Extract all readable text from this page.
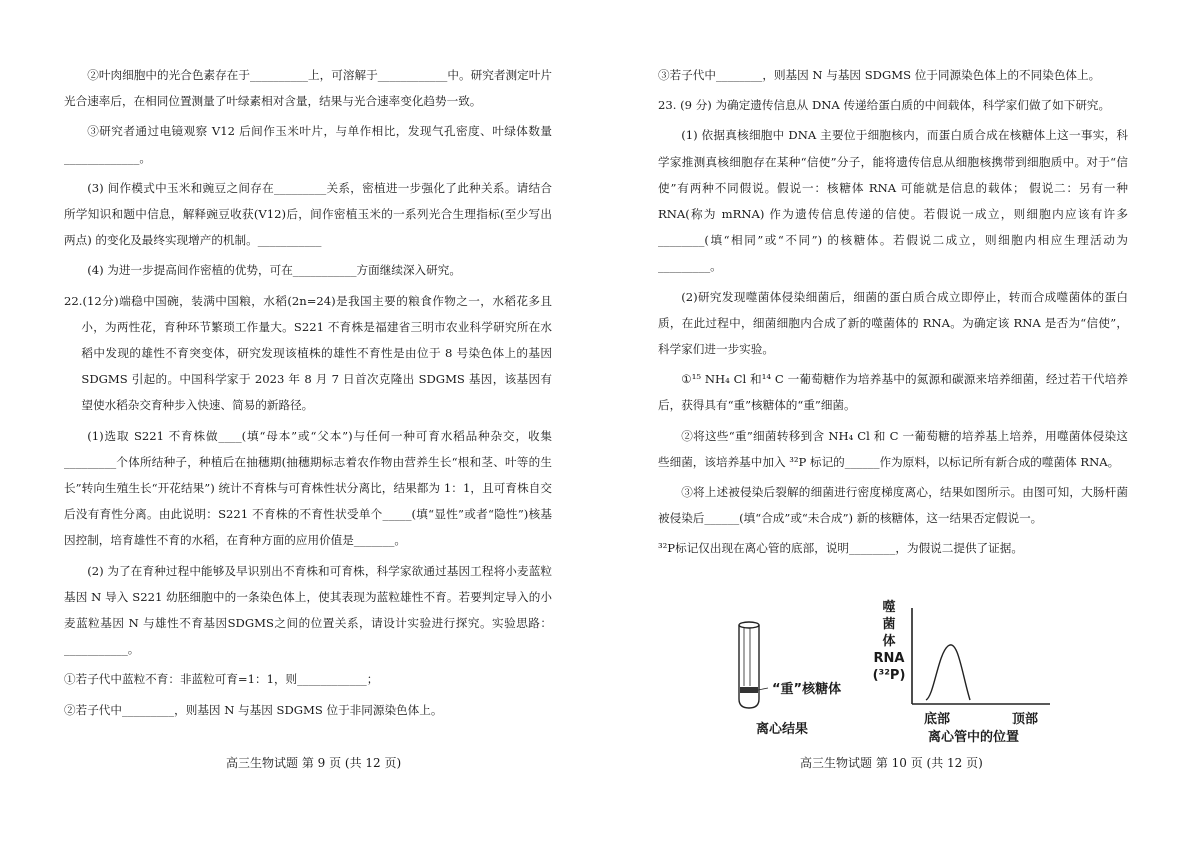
②叶肉细胞中的光合色素存在于__________上，可溶解于____________中。研究者测定叶片光合速率后，在相同位置测量了叶绿素相对含量，结果与光合速率变化趋势一致。

③研究者通过电镜观察 V12 后间作玉米叶片，与单作相比，发现气孔密度、叶绿体数量_____________。

(3) 间作模式中玉米和豌豆之间存在_________关系，密植进一步强化了此种关系。请结合所学知识和题中信息，解释豌豆收获(V12)后，间作密植玉米的一系列光合生理指标(至少写出两点) 的变化及最终实现增产的机制。___________

(4) 为进一步提高间作密植的优势，可在___________方面继续深入研究。

22.(12分)端稳中国碗，装满中国粮，水稻(2n=24)是我国主要的粮食作物之一，水稻花多且小，为两性花，育种环节繁琐工作量大。S221 不育株是福建省三明市农业科学研究所在水稻中发现的雄性不育突变体，研究发现该植株的雄性不育性是由位于 8 号染色体上的基因 SDGMS 引起的。中国科学家于 2023 年 8 月 7 日首次克隆出 SDGMS 基因，该基因有望使水稻杂交育种步入快速、简易的新路径。

(1)选取 S221 不育株做____(填“母本”或“父本”)与任何一种可育水稻品种杂交，收集_________个体所结种子，种植后在抽穗期(抽穗期标志着农作物由营养生长“根和茎、叶等的生长”转向生殖生长“开花结果”) 统计不育株与可育株性状分离比，结果都为 1：1，且可育株自交后没有育性分离。由此说明：S221 不育株的不育性状受单个_____(填“显性”或者“隐性”)核基因控制，培育雄性不育的水稻，在育种方面的应用价值是_______。

(2) 为了在育种过程中能够及早识别出不育株和可育株，科学家欲通过基因工程将小麦蓝粒基因 N 导入 S221 幼胚细胞中的一条染色体上，使其表现为蓝粒雄性不育。若要判定导入的小麦蓝粒基因 N 与雄性不育基因SDGMS之间的位置关系，请设计实验进行探究。实验思路：___________。

①若子代中蓝粒不育：非蓝粒可育=1：1，则____________；

②若子代中_________，则基因 N 与基因 SDGMS 位于非同源染色体上。

高三生物试题 第 9 页 (共 12 页)

③若子代中________，则基因 N 与基因 SDGMS 位于同源染色体上的不同染色体上。

23. (9 分) 为确定遗传信息从 DNA 传递给蛋白质的中间载体，科学家们做了如下研究。

(1) 依据真核细胞中 DNA 主要位于细胞核内，而蛋白质合成在核糖体上这一事实，科学家推测真核细胞存在某种“信使”分子，能将遗传信息从细胞核携带到细胞质中。对于“信使”有两种不同假说。假说一：核糖体 RNA 可能就是信息的载体； 假说二：另有一种 RNA(称为 mRNA) 作为遗传信息传递的信使。若假说一成立，则细胞内应该有许多________(填“相同”或“不同”) 的核糖体。若假说二成立，则细胞内相应生理活动为_________。

(2)研究发现噬菌体侵染细菌后，细菌的蛋白质合成立即停止，转而合成噬菌体的蛋白质，在此过程中，细菌细胞内合成了新的噬菌体的 RNA。为确定该 RNA 是否为“信使”，科学家们进一步实验。

①¹⁵ NH₄ Cl 和¹⁴ C 一葡萄糖作为培养基中的氮源和碳源来培养细菌，经过若干代培养后，获得具有“重”核糖体的“重”细菌。

②将这些“重”细菌转移到含 NH₄ Cl 和 C 一葡萄糖的培养基上培养，用噬菌体侵染这些细菌，该培养基中加入 ³²P 标记的______作为原料，以标记所有新合成的噬菌体 RNA。

③将上述被侵染后裂解的细菌进行密度梯度离心，结果如图所示。由图可知，大肠杆菌被侵染后______(填“合成”或“未合成”) 新的核糖体，这一结果否定假说一。

³²P标记仅出现在离心管的底部，说明________，为假说二提供了证据。

高三生物试题 第 10 页 (共 12 页)
“重”核糖体
离心结果
噬
菌
体
RNA
(³²P)
底部	顶部
离心管中的位置
